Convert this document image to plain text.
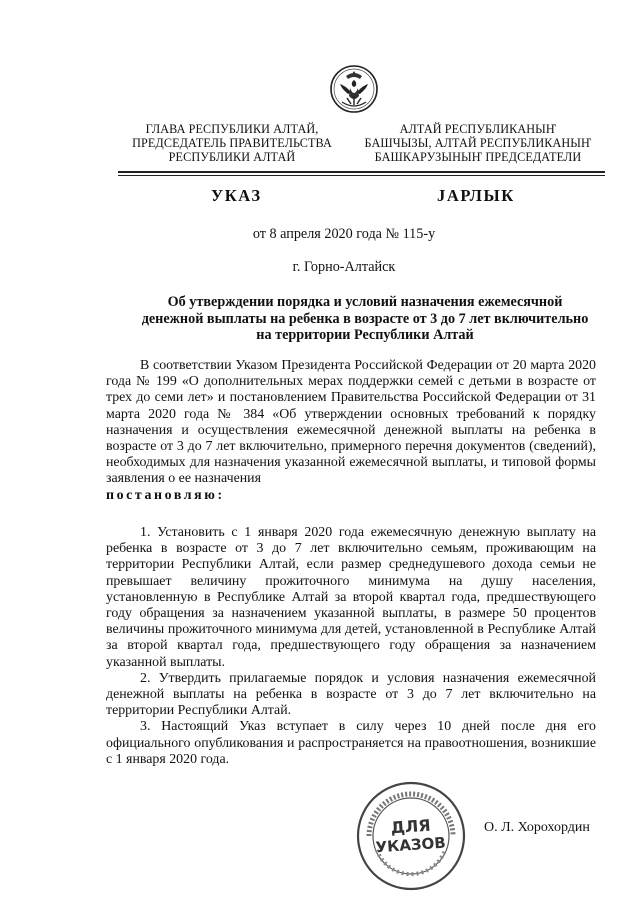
ГЛАВА РЕСПУБЛИКИ АЛТАЙ,
ПРЕДСЕДАТЕЛЬ ПРАВИТЕЛЬСТВА
РЕСПУБЛИКИ АЛТАЙ
АЛТАЙ РЕСПУБЛИКАНЫҤ
БАШЧЫЗЫ, АЛТАЙ РЕСПУБЛИКАНЫҤ
БАШКАРУЗЫНЫҤ ПРЕДСЕДАТЕЛИ
УКАЗ	ЈАРЛЫК
от 8 апреля 2020 года № 115-у
г. Горно-Алтайск
Об утверждении порядка и условий назначения ежемесячной
денежной выплаты на ребенка в возрасте от 3 до 7 лет включительно
на территории Республики Алтай

В соответствии Указом Президента Российской Федерации от 20 марта 2020 года № 199 «О дополнительных мерах поддержки семей с детьми в возрасте от трех до семи лет» и постановлением Правительства Российской Федерации от 31 марта 2020 года № 384 «Об утверждении основных требований к порядку назначения и осуществления ежемесячной денежной выплаты на ребенка в возрасте от 3 до 7 лет включительно, примерного перечня документов (сведений), необходимых для назначения указанной ежемесячной выплаты, и типовой формы заявления о ее назначения

постановляю:

1. Установить с 1 января 2020 года ежемесячную денежную выплату на ребенка в возрасте от 3 до 7 лет включительно семьям, проживающим на территории Республики Алтай, если размер среднедушевого дохода семьи не превышает величину прожиточного минимума на душу населения, установленную в Республике Алтай за второй квартал года, предшествующего году обращения за назначением указанной выплаты, в размере 50 процентов величины прожиточного минимума для детей, установленной в Республике Алтай за второй квартал года, предшествующего году обращения за назначением указанной выплаты.

2. Утвердить прилагаемые порядок и условия назначения ежемесячной денежной выплаты на ребенка в возрасте от 3 до 7 лет включительно на территории Республики Алтай.

3. Настоящий Указ вступает в силу через 10 дней после дня его официального опубликования и распространяется на правоотношения, возникшие с 1 января 2020 года.

ДЛЯ
УКАЗОВ
О. Л. Хорохордин
